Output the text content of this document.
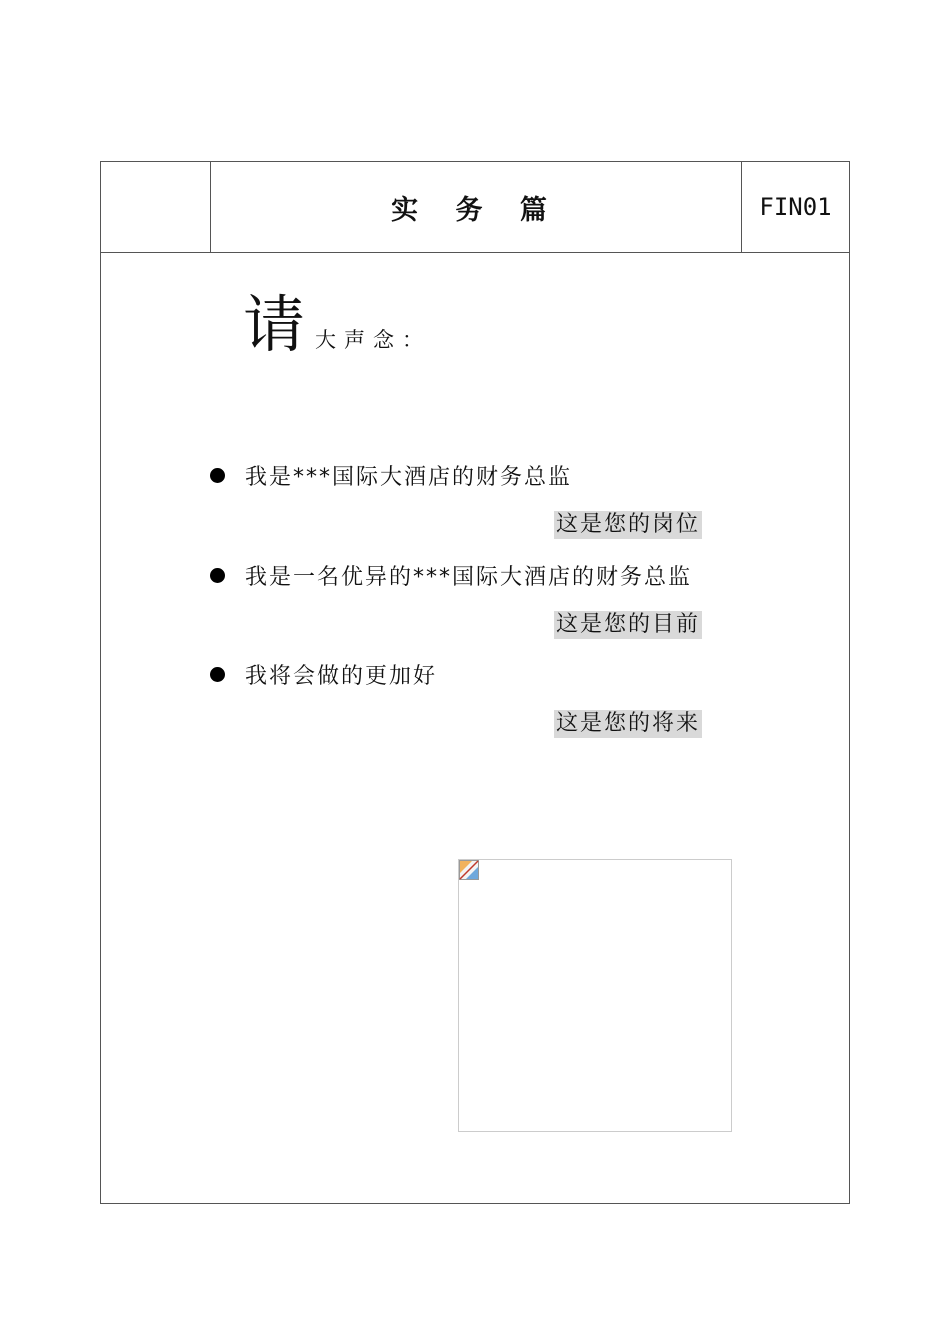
实 务 篇	FIN01
请 大声念：
我是***国际大酒店的财务总监
这是您的岗位
我是一名优异的***国际大酒店的财务总监
这是您的目前
我将会做的更加好
这是您的将来
